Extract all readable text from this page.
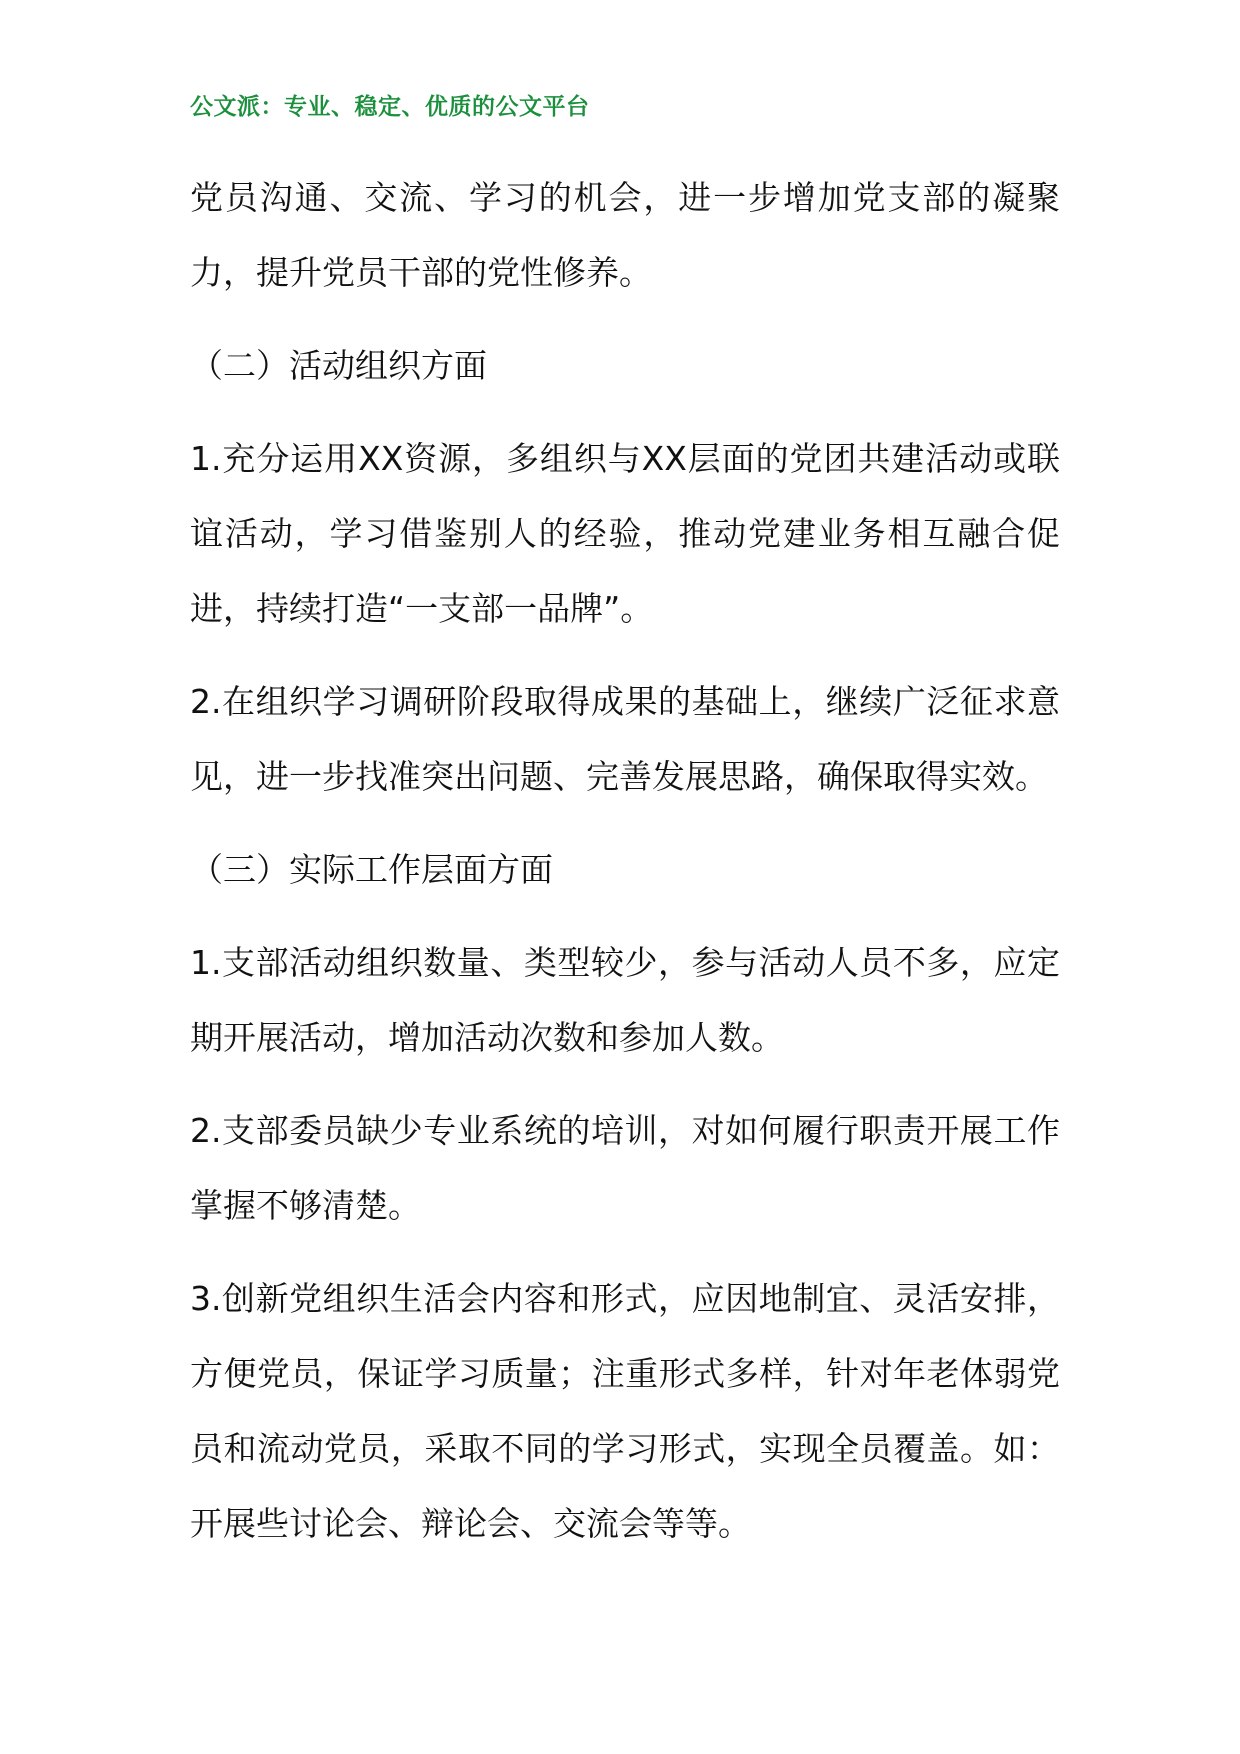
公文派：专业、稳定、优质的公文平台

党员沟通、交流、学习的机会，进一步增加党支部的凝聚力，提升党员干部的党性修养。

（二）活动组织方面

1.充分运用XX资源，多组织与XX层面的党团共建活动或联谊活动，学习借鉴别人的经验，推动党建业务相互融合促进，持续打造“一支部一品牌”。

2.在组织学习调研阶段取得成果的基础上，继续广泛征求意见，进一步找准突出问题、完善发展思路，确保取得实效。

（三）实际工作层面方面

1.支部活动组织数量、类型较少，参与活动人员不多，应定期开展活动，增加活动次数和参加人数。

2.支部委员缺少专业系统的培训，对如何履行职责开展工作掌握不够清楚。

3.创新党组织生活会内容和形式，应因地制宜、灵活安排，方便党员，保证学习质量；注重形式多样，针对年老体弱党员和流动党员，采取不同的学习形式，实现全员覆盖。如：开展些讨论会、辩论会、交流会等等。
